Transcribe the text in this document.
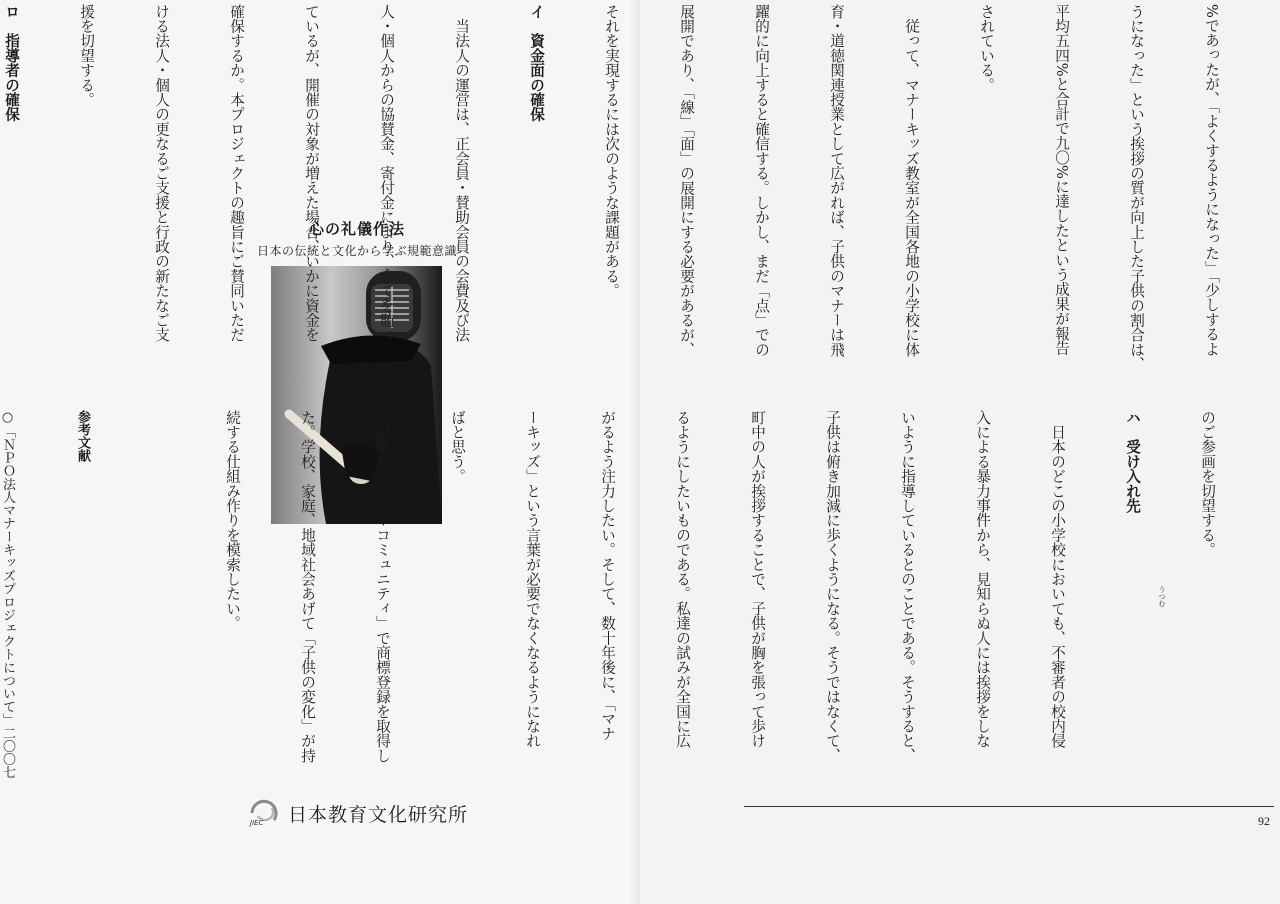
心の礼儀作法
日本の伝統と文化から学ぶ規範意識
JIEC 日本教育文化研究所

%であったが、「よくするようになった」「少しするよ

うになった」という挨拶の質が向上した子供の割合は、

平均五四%と合計で九〇%に達したという成果が報告

されている。

　従って、マナーキッズ教室が全国各地の小学校に体

育・道徳関連授業として広がれば、子供のマナーは飛

躍的に向上すると確信する。しかし、まだ「点」での

展開であり、「線」「面」の展開にする必要があるが、

それを実現するには次のような課題がある。

イ　資金面の確保

　当法人の運営は、正会員・賛助会員の会費及び法

人・個人からの協賛金、寄付金により、全てを賄っ

ているが、開催の対象が増えた場合、いかに資金を

確保するか。本プロジェクトの趣旨にご賛同いただ

ける法人・個人の更なるご支援と行政の新たなご支

援を切望する。

ロ　指導者の確保

のご参画を切望する。

ハ　受け入れ先

　日本のどこの小学校においても、不審者の校内侵

入による暴力事件から、見知らぬ人には挨拶をしな

いように指導しているとのことである。そうすると、

子供は俯き加減に歩くようになる。そうではなくて、

町中の人が挨拶することで、子供が胸を張って歩け

るようにしたいものである。私達の試みが全国に広

がるよう注力したい。そして、数十年後に、「マナ

ーキッズ」という言葉が必要でなくなるようになれ

ばと思う。

　最後に「マナーコミュニティ」で商標登録を取得し

た。学校、家庭、地域社会あげて「子供の変化」が持

続する仕組み作りを模索したい。

参考文献

○「ＮＰＯ法人マナーキッズプロジェクトについて」二〇〇七

	うつむ
92
